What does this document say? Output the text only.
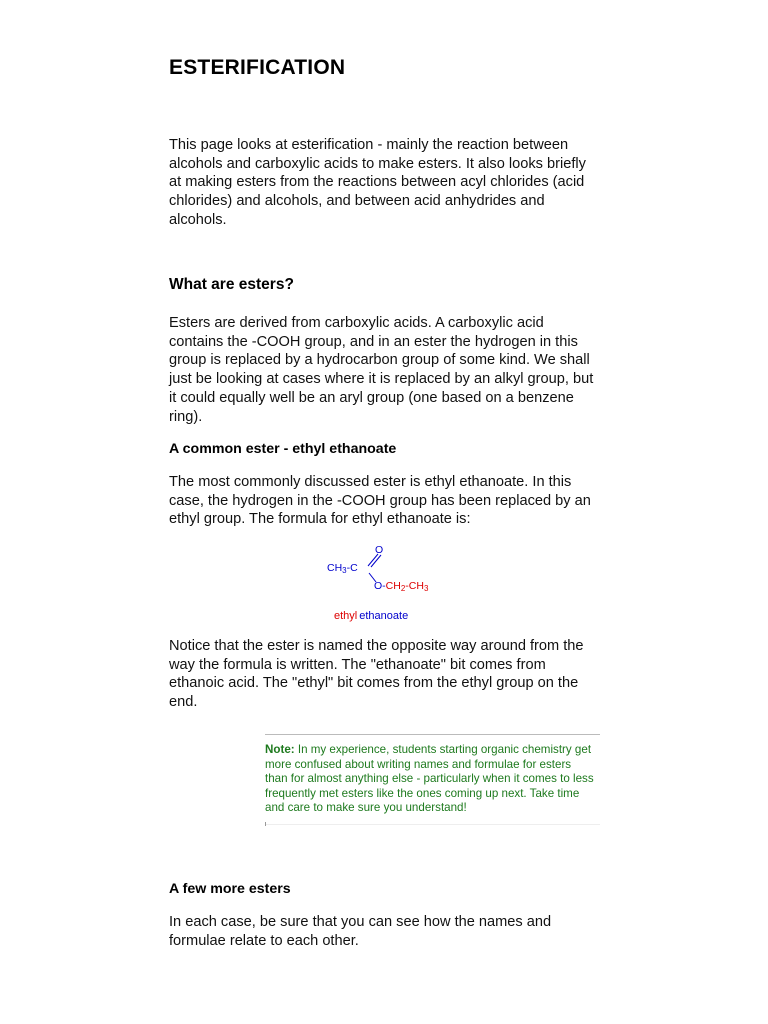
ESTERIFICATION

This page looks at esterification - mainly the reaction between alcohols and carboxylic acids to make esters. It also looks briefly at making esters from the reactions between acyl chlorides (acid chlorides) and alcohols, and between acid anhydrides and alcohols.

What are esters?

Esters are derived from carboxylic acids. A carboxylic acid contains the -COOH group, and in an ester the hydrogen in this group is replaced by a hydrocarbon group of some kind. We shall just be looking at cases where it is replaced by an alkyl group, but it could equally well be an aryl group (one based on a benzene ring).

A common ester - ethyl ethanoate

The most commonly discussed ester is ethyl ethanoate. In this case, the hydrogen in the -COOH group has been replaced by an ethyl group. The formula for ethyl ethanoate is:

O
CH3-C
O-CH2-CH3
ethyl ethanoate

Notice that the ester is named the opposite way around from the way the formula is written. The "ethanoate" bit comes from ethanoic acid. The "ethyl" bit comes from the ethyl group on the end.

Note: In my experience, students starting organic chemistry get more confused about writing names and formulae for esters than for almost anything else - particularly when it comes to less frequently met esters like the ones coming up next. Take time and care to make sure you understand!

A few more esters

In each case, be sure that you can see how the names and formulae relate to each other.
